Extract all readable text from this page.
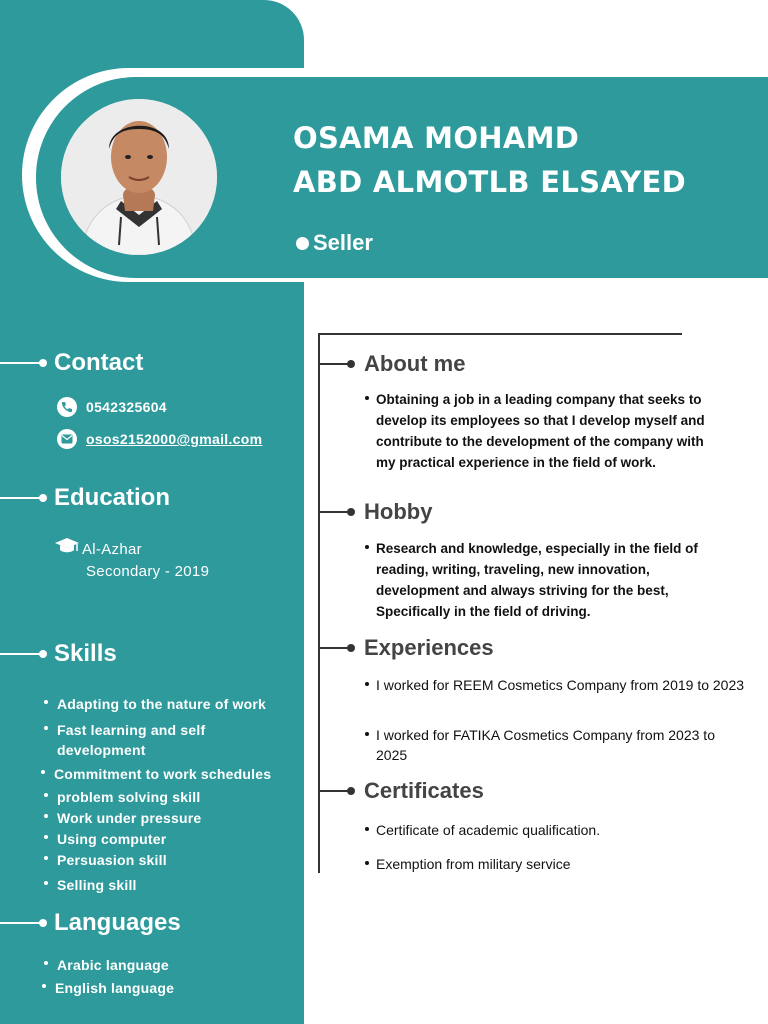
OSAMA MOHAMD
ABD ALMOTLB ELSAYED
Seller
Contact
0542325604
osos2152000@gmail.com
Education
Al-Azhar
Secondary - 2019
Skills
Adapting to the nature of work
Fast learning and self development
Commitment to work schedules
problem solving skill
Work under pressure
Using computer
Persuasion skill
Selling skill
Languages
Arabic language
English language
About me
Obtaining a job in a leading company that seeks to develop its employees so that I develop myself and contribute to the development of the company with my practical experience in the field of work.
Hobby
Research and knowledge, especially in the field of reading, writing, traveling, new innovation, development and always striving for the best, Specifically in the field of driving.
Experiences
I worked for REEM Cosmetics Company from 2019 to 2023
I worked for FATIKA Cosmetics Company from 2023 to 2025
Certificates
Certificate of academic qualification.
Exemption from military service
